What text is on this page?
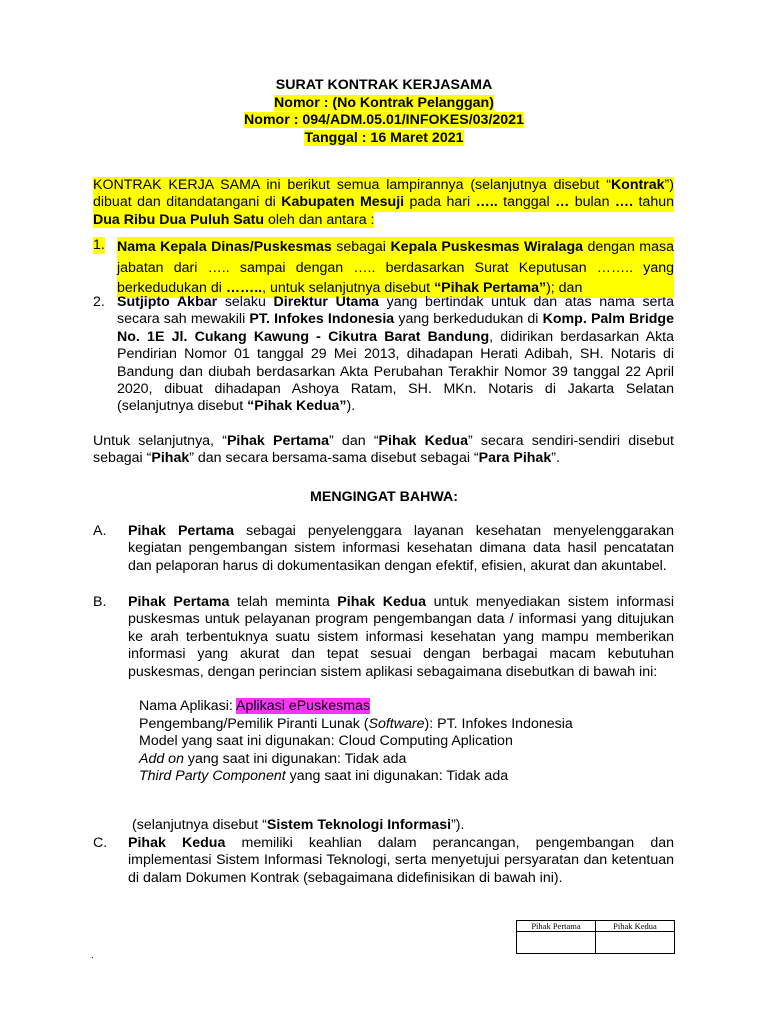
SURAT KONTRAK KERJASAMA
Nomor : (No Kontrak Pelanggan)
Nomor : 094/ADM.05.01/INFOKES/03/2021
Tanggal : 16 Maret 2021
KONTRAK KERJA SAMA ini berikut semua lampirannya (selanjutnya disebut “Kontrak”)
dibuat dan ditandatangani di Kabupaten Mesuji pada hari ….. tanggal … bulan …. tahun
Dua Ribu Dua Puluh Satu oleh dan antara :
1. Nama Kepala Dinas/Puskesmas sebagai Kepala Puskesmas Wiralaga dengan masa
jabatan dari ….. sampai dengan ….. berdasarkan Surat Keputusan …….. yang
berkedudukan di …….., untuk selanjutnya disebut “Pihak Pertama”); dan
2. Sutjipto Akbar selaku Direktur Utama yang bertindak untuk dan atas nama serta
secara sah mewakili PT. Infokes Indonesia yang berkedudukan di Komp. Palm Bridge
No. 1E Jl. Cukang Kawung - Cikutra Barat Bandung, didirikan berdasarkan Akta
Pendirian Nomor 01 tanggal 29 Mei 2013, dihadapan Herati Adibah, SH. Notaris di
Bandung dan diubah berdasarkan Akta Perubahan Terakhir Nomor 39 tanggal 22 April
2020, dibuat dihadapan Ashoya Ratam, SH. MKn. Notaris di Jakarta Selatan
(selanjutnya disebut “Pihak Kedua”).
Untuk selanjutnya, “Pihak Pertama” dan “Pihak Kedua” secara sendiri-sendiri disebut
sebagai “Pihak” dan secara bersama-sama disebut sebagai “Para Pihak”.
MENGINGAT BAHWA:
A. Pihak Pertama sebagai penyelenggara layanan kesehatan menyelenggarakan
kegiatan pengembangan sistem informasi kesehatan dimana data hasil pencatatan
dan pelaporan harus di dokumentasikan dengan efektif, efisien, akurat dan akuntabel.
B. Pihak Pertama telah meminta Pihak Kedua untuk menyediakan sistem informasi
puskesmas untuk pelayanan program pengembangan data / informasi yang ditujukan
ke arah terbentuknya suatu sistem informasi kesehatan yang mampu memberikan
informasi yang akurat dan tepat sesuai dengan berbagai macam kebutuhan
puskesmas, dengan perincian sistem aplikasi sebagaimana disebutkan di bawah ini:
Nama Aplikasi: Aplikasi ePuskesmas
Pengembang/Pemilik Piranti Lunak (Software): PT. Infokes Indonesia
Model yang saat ini digunakan: Cloud Computing Aplication
Add on yang saat ini digunakan: Tidak ada
Third Party Component yang saat ini digunakan: Tidak ada
(selanjutnya disebut “Sistem Teknologi Informasi”).
C. Pihak Kedua memiliki keahlian dalam perancangan, pengembangan dan
implementasi Sistem Informasi Teknologi, serta menyetujui persyaratan dan ketentuan
di dalam Dokumen Kontrak (sebagaimana didefinisikan di bawah ini).
Pihak Pertama	Pihak Kedua

.
